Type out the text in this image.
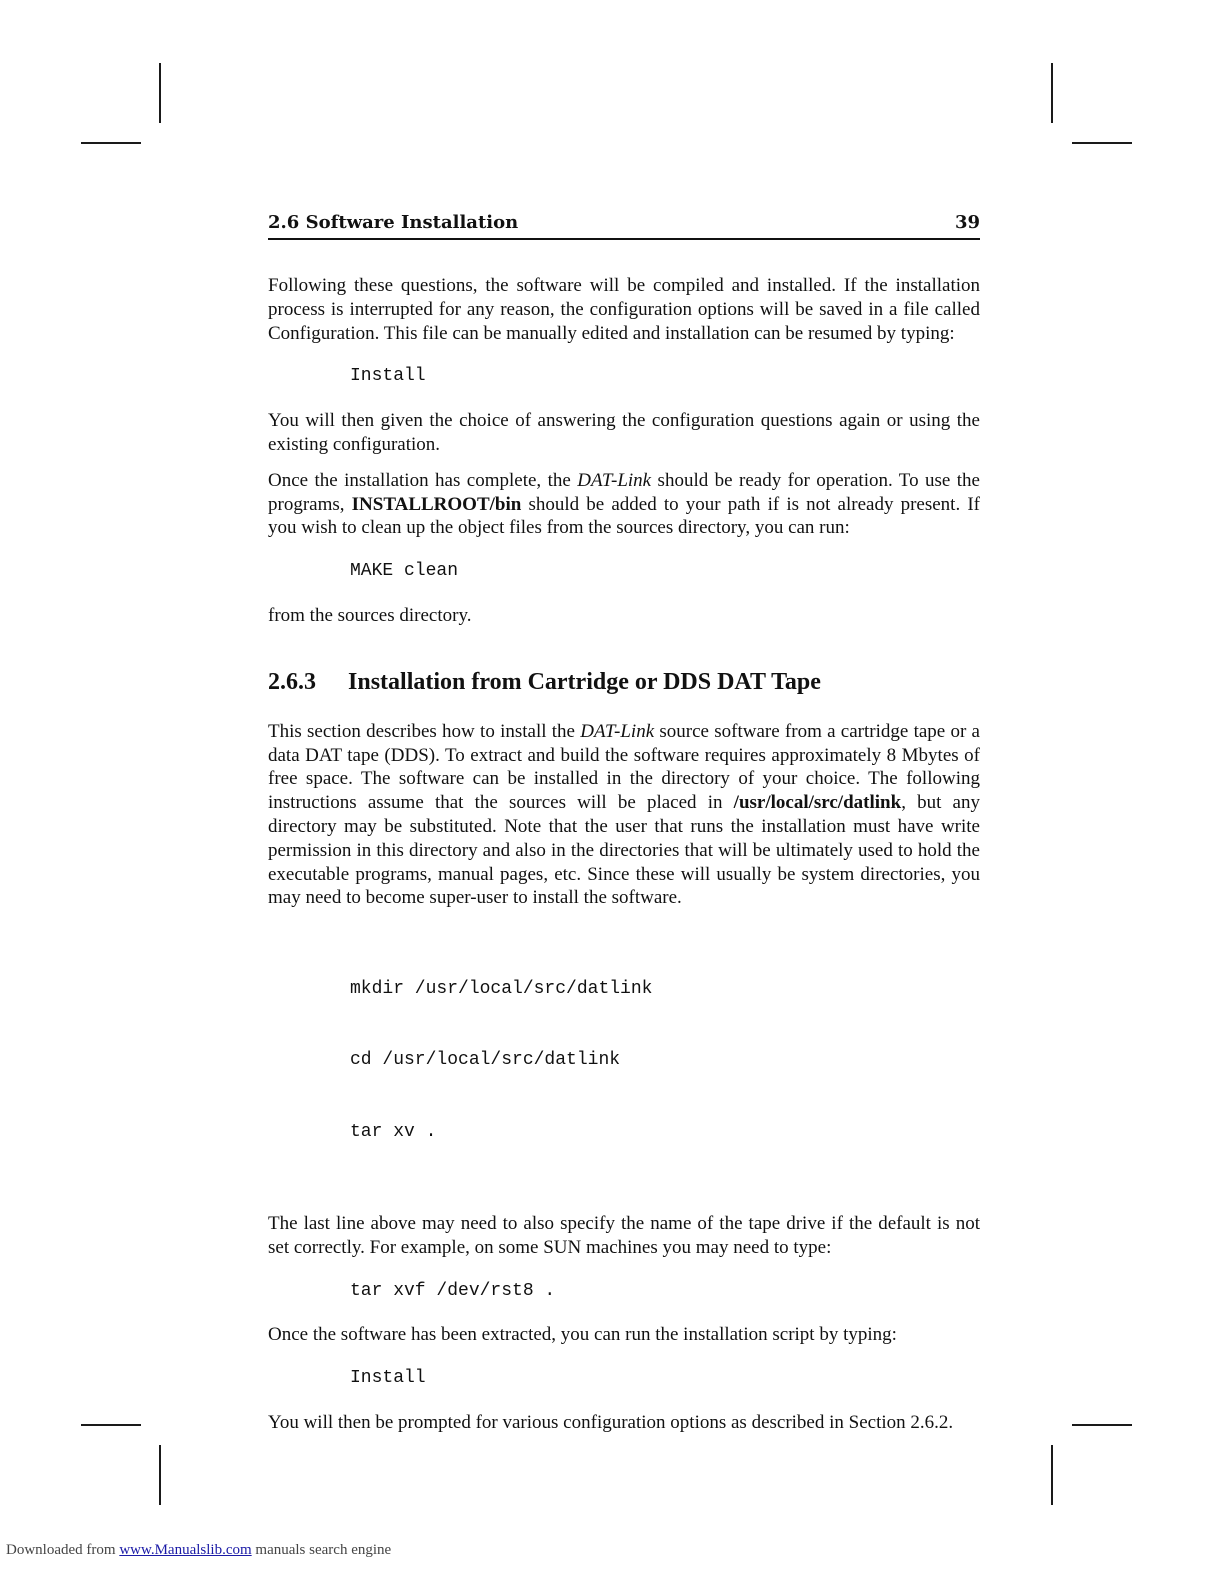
2.6 Software Installation	39

Following these questions, the software will be compiled and installed. If the installation process is interrupted for any reason, the configuration options will be saved in a file called Configuration. This file can be manually edited and installation can be resumed by typing:

Install

You will then given the choice of answering the configuration questions again or using the existing configuration.

Once the installation has complete, the DAT-Link should be ready for operation. To use the programs, INSTALLROOT/bin should be added to your path if is not already present. If you wish to clean up the object files from the sources directory, you can run:

MAKE clean

from the sources directory.

2.6.3 Installation from Cartridge or DDS DAT Tape

This section describes how to install the DAT-Link source software from a cartridge tape or a data DAT tape (DDS). To extract and build the software requires approximately 8 Mbytes of free space. The software can be installed in the directory of your choice. The following instructions assume that the sources will be placed in /usr/local/src/datlink, but any directory may be substituted. Note that the user that runs the installation must have write permission in this directory and also in the directories that will be ultimately used to hold the executable programs, manual pages, etc. Since these will usually be system directories, you may need to become super-user to install the software.

mkdir /usr/local/src/datlink

cd /usr/local/src/datlink

tar xv .

The last line above may need to also specify the name of the tape drive if the default is not set correctly. For example, on some SUN machines you may need to type:

tar xvf /dev/rst8 .

Once the software has been extracted, you can run the installation script by typing:

Install

You will then be prompted for various configuration options as described in Section 2.6.2.

Downloaded from www.Manualslib.com manuals search engine
